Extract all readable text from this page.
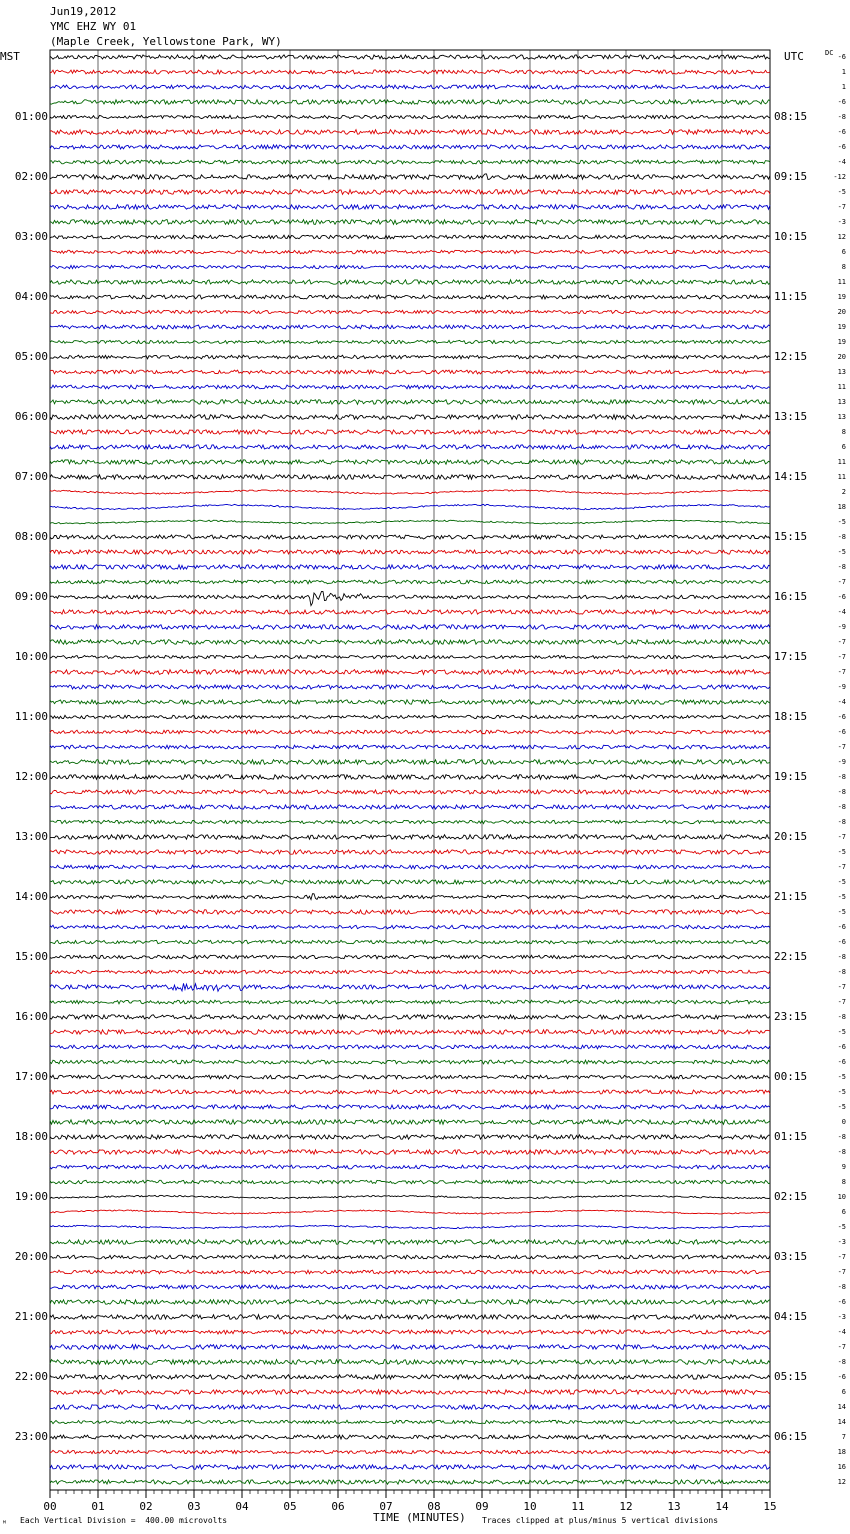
Jun19,2012
YMC EHZ WY 01
(Maple Creek, Yellowstone Park, WY)
MST	UTC	DC
01:00	08:15
02:00	09:15
03:00	10:15
04:00	11:15
05:00	12:15
06:00	13:15
07:00	14:15
08:00	15:15
09:00	16:15
10:00	17:15
11:00	18:15
12:00	19:15
13:00	20:15
14:00	21:15
15:00	22:15
16:00	23:15
17:00	00:15
18:00	01:15
19:00	02:15
20:00	03:15
21:00	04:15
22:00	05:15
23:00	06:15
-6
1
1
-6
-8
-6
-6
-4
-12
-5
-7
-3
12
6
8
11
19
20
19
19
20
13
11
13
13
8
6
11
11
2
18
-5
-8
-5
-8
-7
-6
-4
-9
-7
-7
-7
-9
-4
-6
-6
-7
-9
-8
-8
-8
-8
-7
-5
-7
-5
-5
-5
-6
-6
-8
-8
-7
-7
-8
-5
-6
-6
-5
-5
-5
0
-8
-8
9
8
10
6
-5
-3
-7
-7
-8
-6
-3
-4
-7
-8
-6
6
14
14
7
18
16
12
00	01	02	03	04	05	06	07	08	09	10	11	12	13	14	15
TIME (MINUTES)
Each Vertical Division =  400.00 microvolts	Traces clipped at plus/minus 5 vertical divisions
ᴹ
